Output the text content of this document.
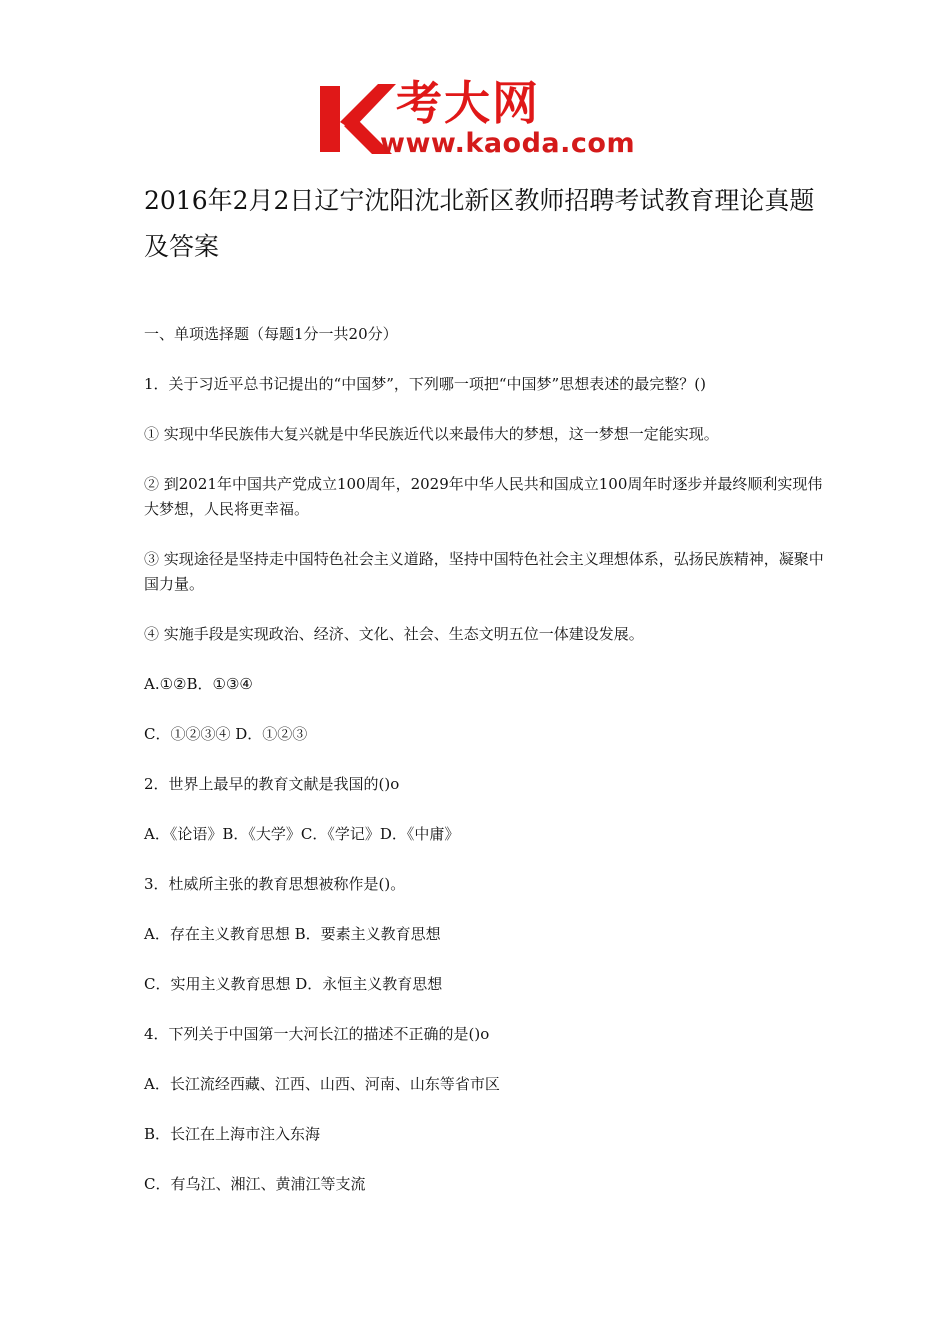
考大网
www.kaoda.com
2016年2月2日辽宁沈阳沈北新区教师招聘考试教育理论真题及答案
一、单项选择题（每题1分一共20分）
1．关于习近平总书记提出的“中国梦”，下列哪一项把“中国梦”思想表述的最完整？()
① 实现中华民族伟大复兴就是中华民族近代以来最伟大的梦想，这一梦想一定能实现。
② 到2021年中国共产党成立100周年，2029年中华人民共和国成立100周年时逐步并最终顺利实现伟大梦想，人民将更幸福。
③ 实现途径是坚持走中国特色社会主义道路，坚持中国特色社会主义理想体系，弘扬民族精神，凝聚中国力量。
④ 实施手段是实现政治、经济、文化、社会、生态文明五位一体建设发展。
A.①②B．①③④
C．①②③④ D．①②③
2．世界上最早的教育文献是我国的()o
A．《论语》B．《大学》C．《学记》D．《中庸》
3．杜威所主张的教育思想被称作是()。
A．存在主义教育思想 B．要素主义教育思想
C．实用主义教育思想 D．永恒主义教育思想
4．下列关于中国第一大河长江的描述不正确的是()o
A．长江流经西藏、江西、山西、河南、山东等省市区
B．长江在上海市注入东海
C．有乌江、湘江、黄浦江等支流
